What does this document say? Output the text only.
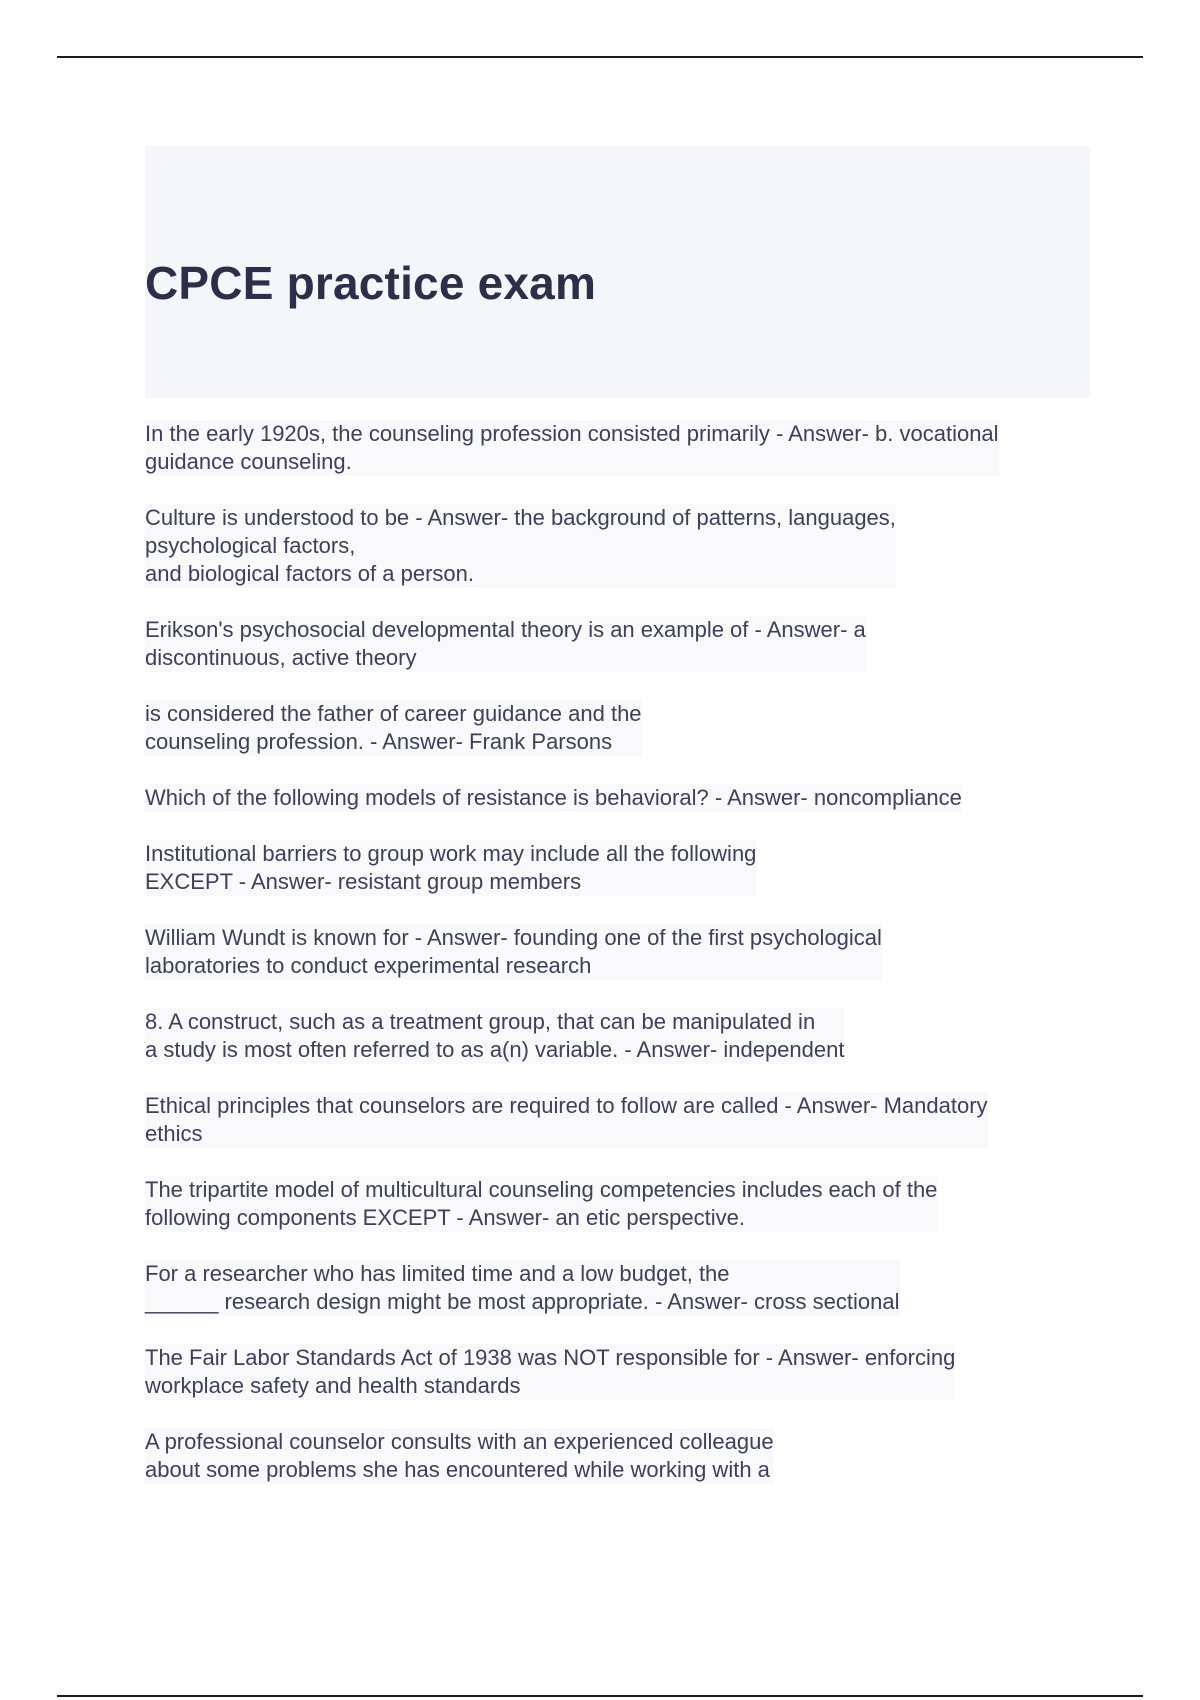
CPCE practice exam
In the early 1920s, the counseling profession consisted primarily - Answer- b. vocational
guidance counseling.
Culture is understood to be - Answer- the background of patterns, languages,
psychological factors,
and biological factors of a person.
Erikson's psychosocial developmental theory is an example of - Answer- a
discontinuous, active theory
is considered the father of career guidance and the
counseling profession. - Answer- Frank Parsons
Which of the following models of resistance is behavioral? - Answer- noncompliance
Institutional barriers to group work may include all the following
EXCEPT - Answer- resistant group members
William Wundt is known for - Answer- founding one of the first psychological
laboratories to conduct experimental research
8. A construct, such as a treatment group, that can be manipulated in
a study is most often referred to as a(n) variable. - Answer- independent
Ethical principles that counselors are required to follow are called - Answer- Mandatory
ethics
The tripartite model of multicultural counseling competencies includes each of the
following components EXCEPT - Answer- an etic perspective.
For a researcher who has limited time and a low budget, the
______ research design might be most appropriate. - Answer- cross sectional
The Fair Labor Standards Act of 1938 was NOT responsible for - Answer- enforcing
workplace safety and health standards
A professional counselor consults with an experienced colleague
about some problems she has encountered while working with a
